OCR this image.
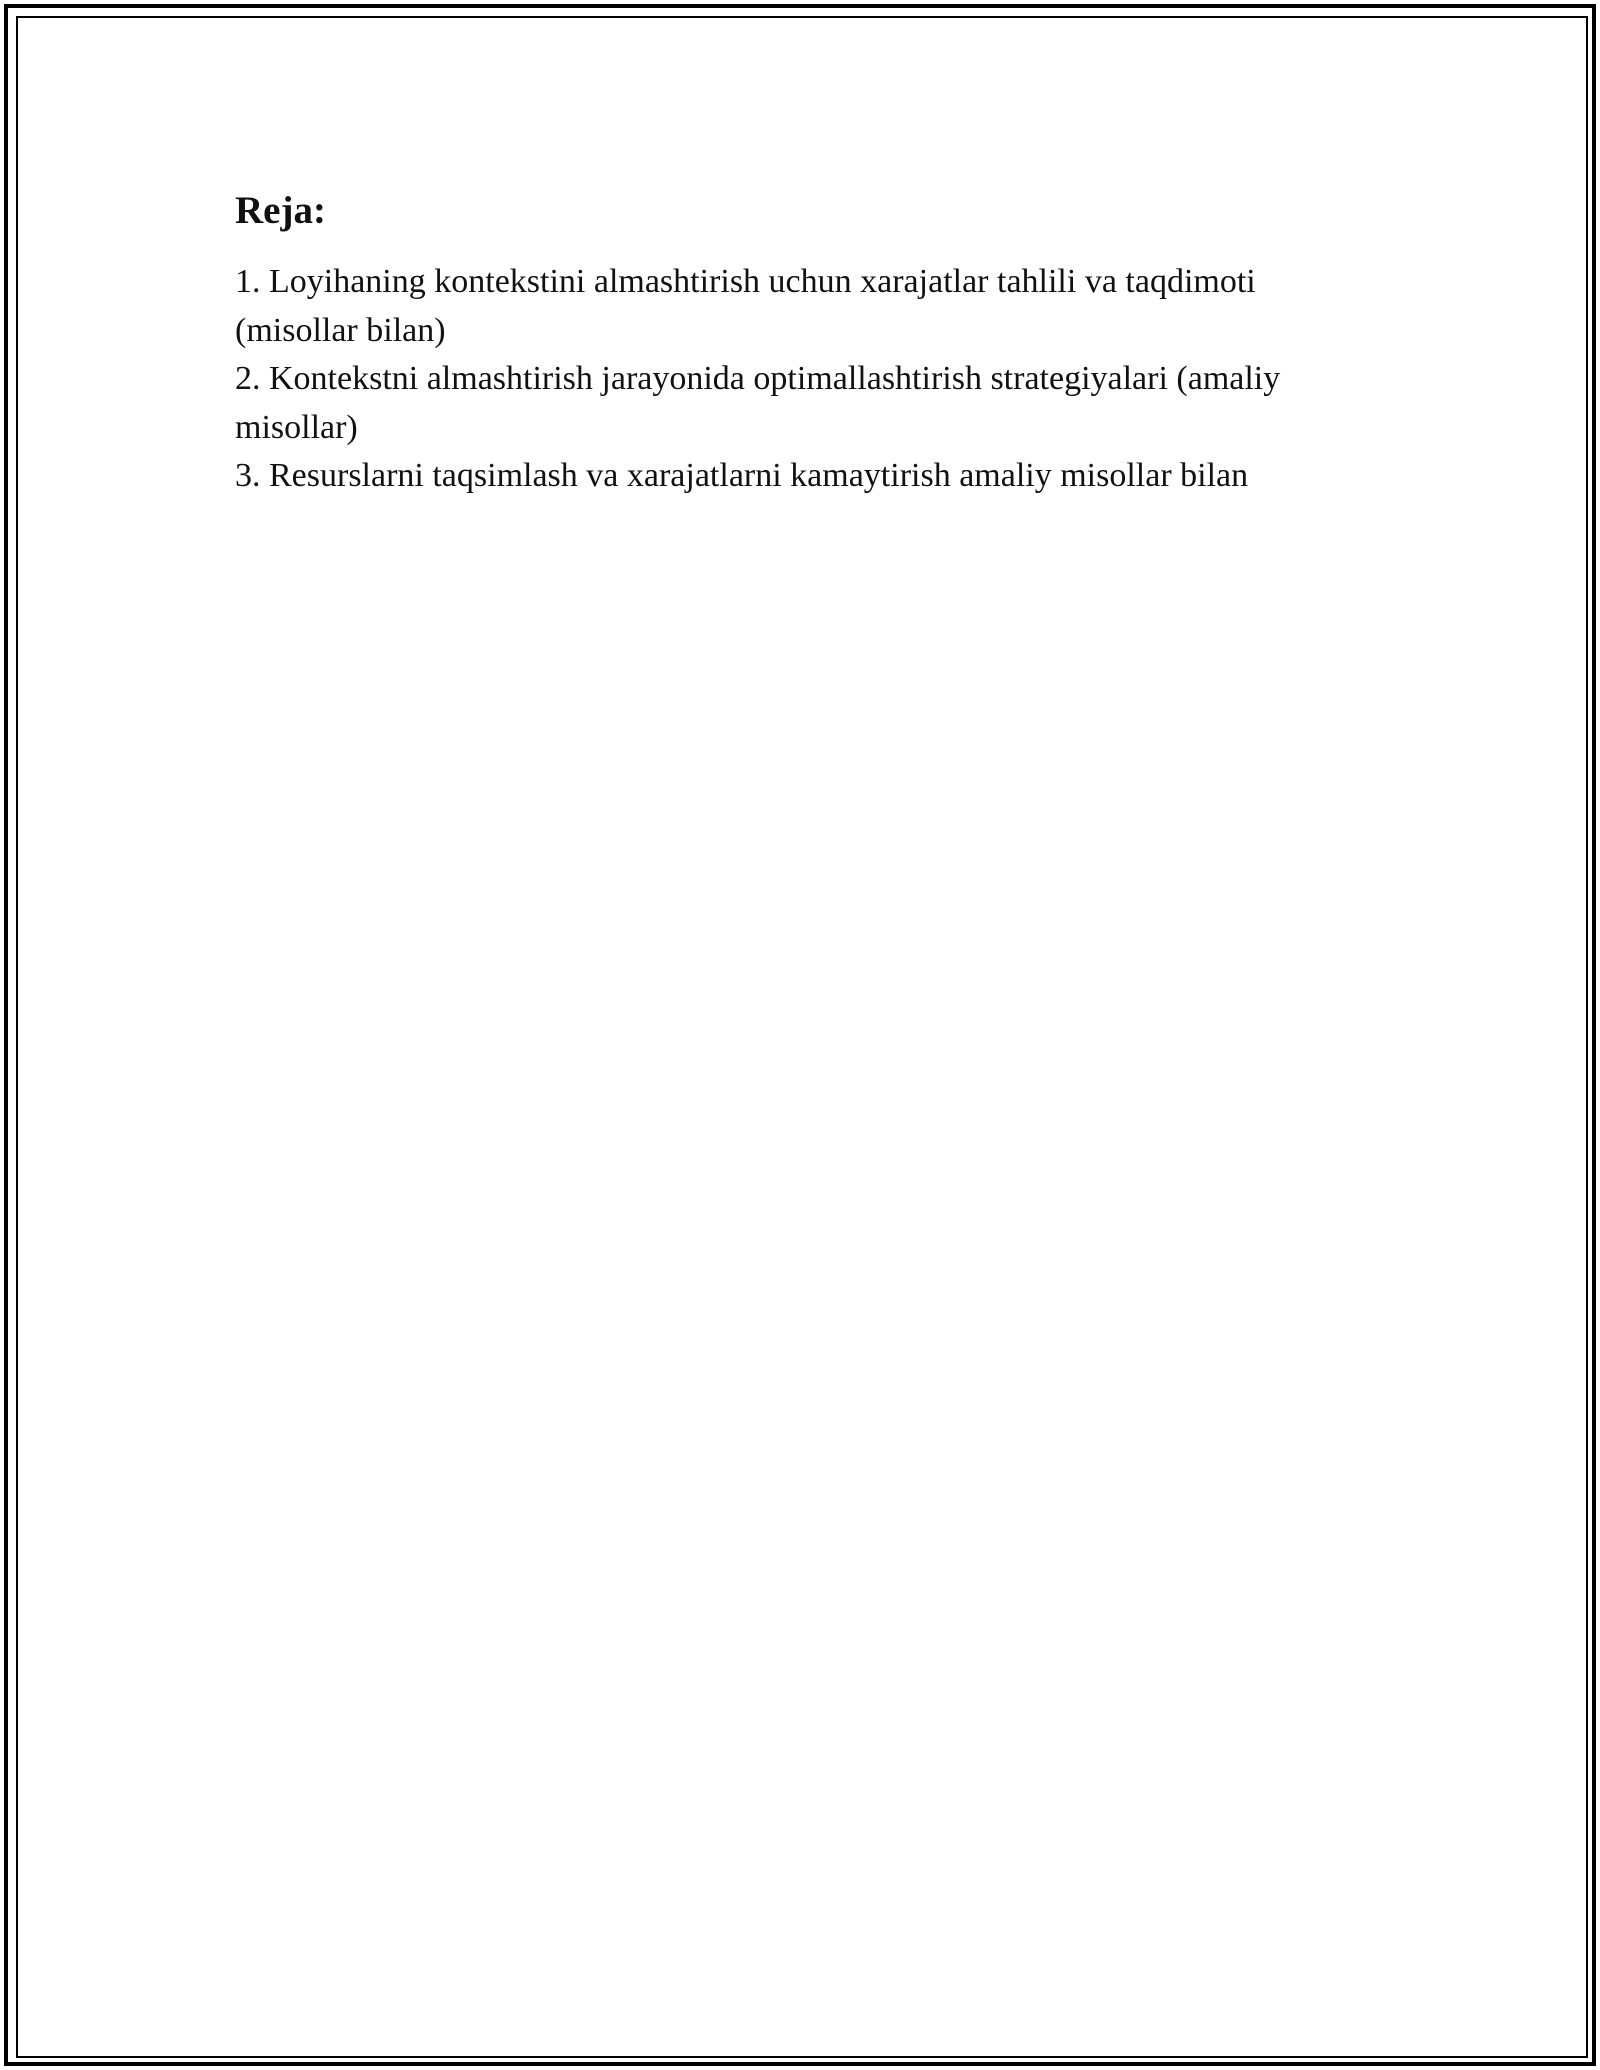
Reja:
1. Loyihaning kontekstini almashtirish uchun xarajatlar tahlili va taqdimoti (misollar bilan)
2. Kontekstni almashtirish jarayonida optimallashtirish strategiyalari (amaliy misollar)
3. Resurslarni taqsimlash va xarajatlarni kamaytirish amaliy misollar bilan
